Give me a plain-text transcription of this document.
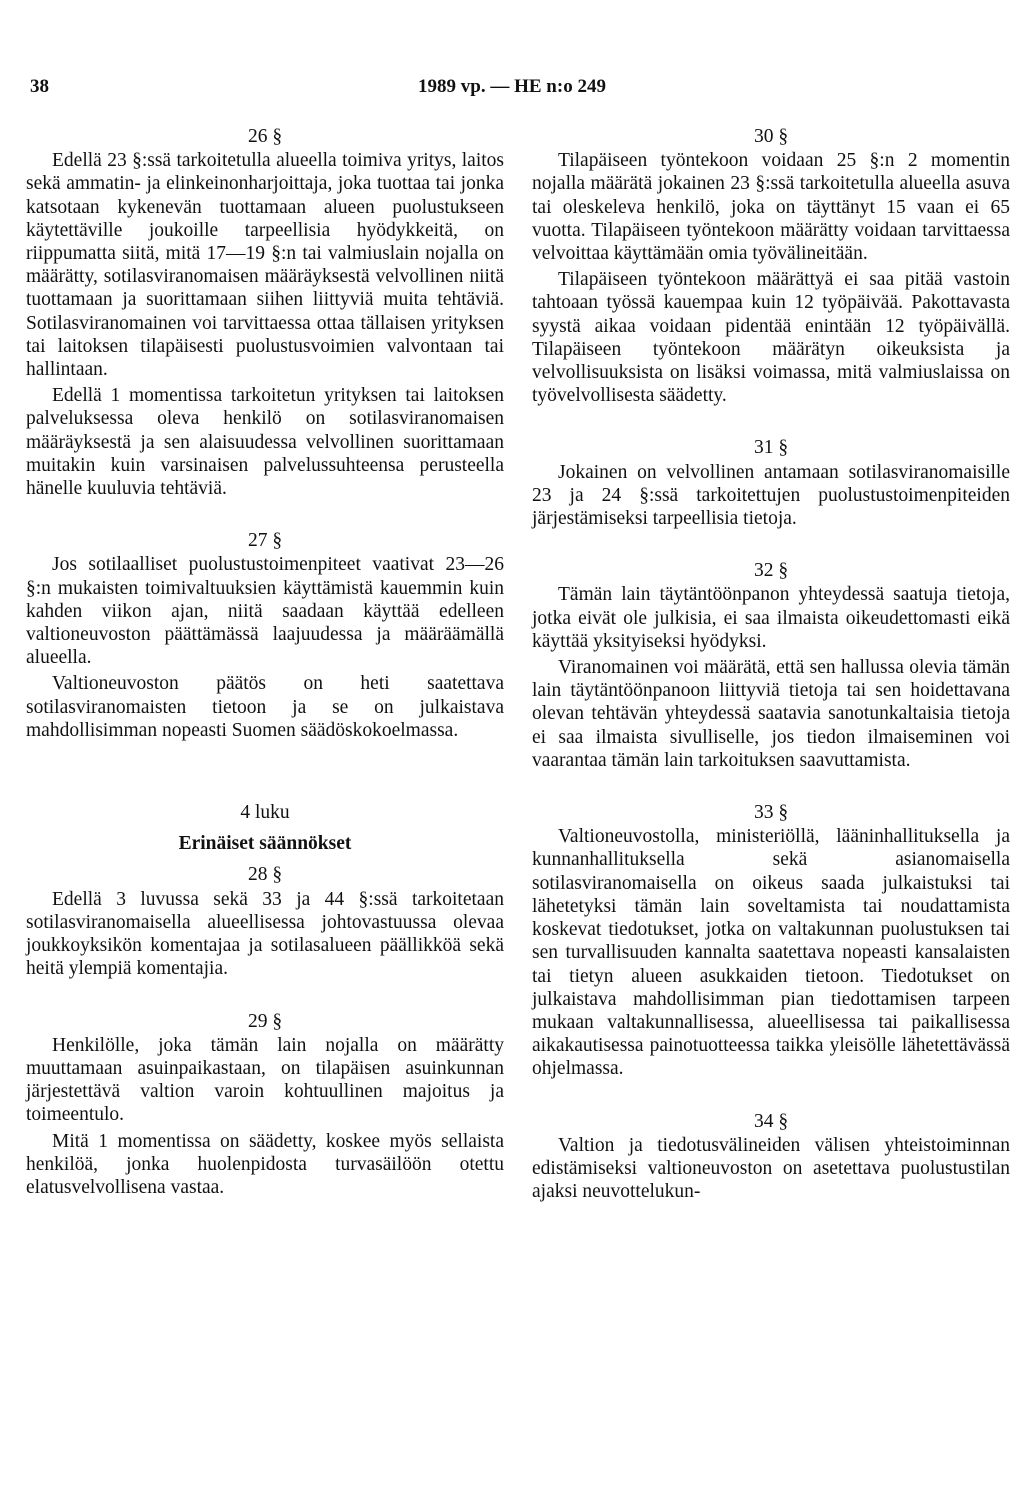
38	1989 vp. — HE n:o 249
26 §

Edellä 23 §:ssä tarkoitetulla alueella toimiva yritys, laitos sekä ammatin- ja elinkeinonharjoittaja, joka tuottaa tai jonka katsotaan kykenevän tuottamaan alueen puolustukseen käytettäville joukoille tarpeellisia hyödykkeitä, on riippumatta siitä, mitä 17—19 §:n tai valmiuslain nojalla on määrätty, sotilasviranomaisen määräyksestä velvollinen niitä tuottamaan ja suorittamaan siihen liittyviä muita tehtäviä. Sotilasviranomainen voi tarvittaessa ottaa tällaisen yrityksen tai laitoksen tilapäisesti puolustusvoimien valvontaan tai hallintaan.

Edellä 1 momentissa tarkoitetun yrityksen tai laitoksen palveluksessa oleva henkilö on sotilasviranomaisen määräyksestä ja sen alaisuudessa velvollinen suorittamaan muitakin kuin varsinaisen palvelussuhteensa perusteella hänelle kuuluvia tehtäviä.

27 §

Jos sotilaalliset puolustustoimenpiteet vaativat 23—26 §:n mukaisten toimivaltuuksien käyttämistä kauemmin kuin kahden viikon ajan, niitä saadaan käyttää edelleen valtioneuvoston päättämässä laajuudessa ja määräämällä alueella.

Valtioneuvoston päätös on heti saatettava sotilasviranomaisten tietoon ja se on julkaistava mahdollisimman nopeasti Suomen säädöskokoelmassa.

4 luku
Erinäiset säännökset
28 §

Edellä 3 luvussa sekä 33 ja 44 §:ssä tarkoitetaan sotilasviranomaisella alueellisessa johtovastuussa olevaa joukkoyksikön komentajaa ja sotilasalueen päällikköä sekä heitä ylempiä komentajia.

29 §

Henkilölle, joka tämän lain nojalla on määrätty muuttamaan asuinpaikastaan, on tilapäisen asuinkunnan järjestettävä valtion varoin kohtuullinen majoitus ja toimeentulo.

Mitä 1 momentissa on säädetty, koskee myös sellaista henkilöä, jonka huolenpidosta turvasäilöön otettu elatusvelvollisena vastaa.

30 §

Tilapäiseen työntekoon voidaan 25 §:n 2 momentin nojalla määrätä jokainen 23 §:ssä tarkoitetulla alueella asuva tai oleskeleva henkilö, joka on täyttänyt 15 vaan ei 65 vuotta. Tilapäiseen työntekoon määrätty voidaan tarvittaessa velvoittaa käyttämään omia työvälineitään.

Tilapäiseen työntekoon määrättyä ei saa pitää vastoin tahtoaan työssä kauempaa kuin 12 työpäivää. Pakottavasta syystä aikaa voidaan pidentää enintään 12 työpäivällä. Tilapäiseen työntekoon määrätyn oikeuksista ja velvollisuuksista on lisäksi voimassa, mitä valmiuslaissa on työvelvollisesta säädetty.

31 §

Jokainen on velvollinen antamaan sotilasviranomaisille 23 ja 24 §:ssä tarkoitettujen puolustustoimenpiteiden järjestämiseksi tarpeellisia tietoja.

32 §

Tämän lain täytäntöönpanon yhteydessä saatuja tietoja, jotka eivät ole julkisia, ei saa ilmaista oikeudettomasti eikä käyttää yksityiseksi hyödyksi.

Viranomainen voi määrätä, että sen hallussa olevia tämän lain täytäntöönpanoon liittyviä tietoja tai sen hoidettavana olevan tehtävän yhteydessä saatavia sanotunkaltaisia tietoja ei saa ilmaista sivulliselle, jos tiedon ilmaiseminen voi vaarantaa tämän lain tarkoituksen saavuttamista.

33 §

Valtioneuvostolla, ministeriöllä, lääninhallituksella ja kunnanhallituksella sekä asianomaisella sotilasviranomaisella on oikeus saada julkaistuksi tai lähetetyksi tämän lain soveltamista tai noudattamista koskevat tiedotukset, jotka on valtakunnan puolustuksen tai sen turvallisuuden kannalta saatettava nopeasti kansalaisten tai tietyn alueen asukkaiden tietoon. Tiedotukset on julkaistava mahdollisimman pian tiedottamisen tarpeen mukaan valtakunnallisessa, alueellisessa tai paikallisessa aikakautisessa painotuotteessa taikka yleisölle lähetettävässä ohjelmassa.

34 §

Valtion ja tiedotusvälineiden välisen yhteistoiminnan edistämiseksi valtioneuvoston on asetettava puolustustilan ajaksi neuvottelukun-
